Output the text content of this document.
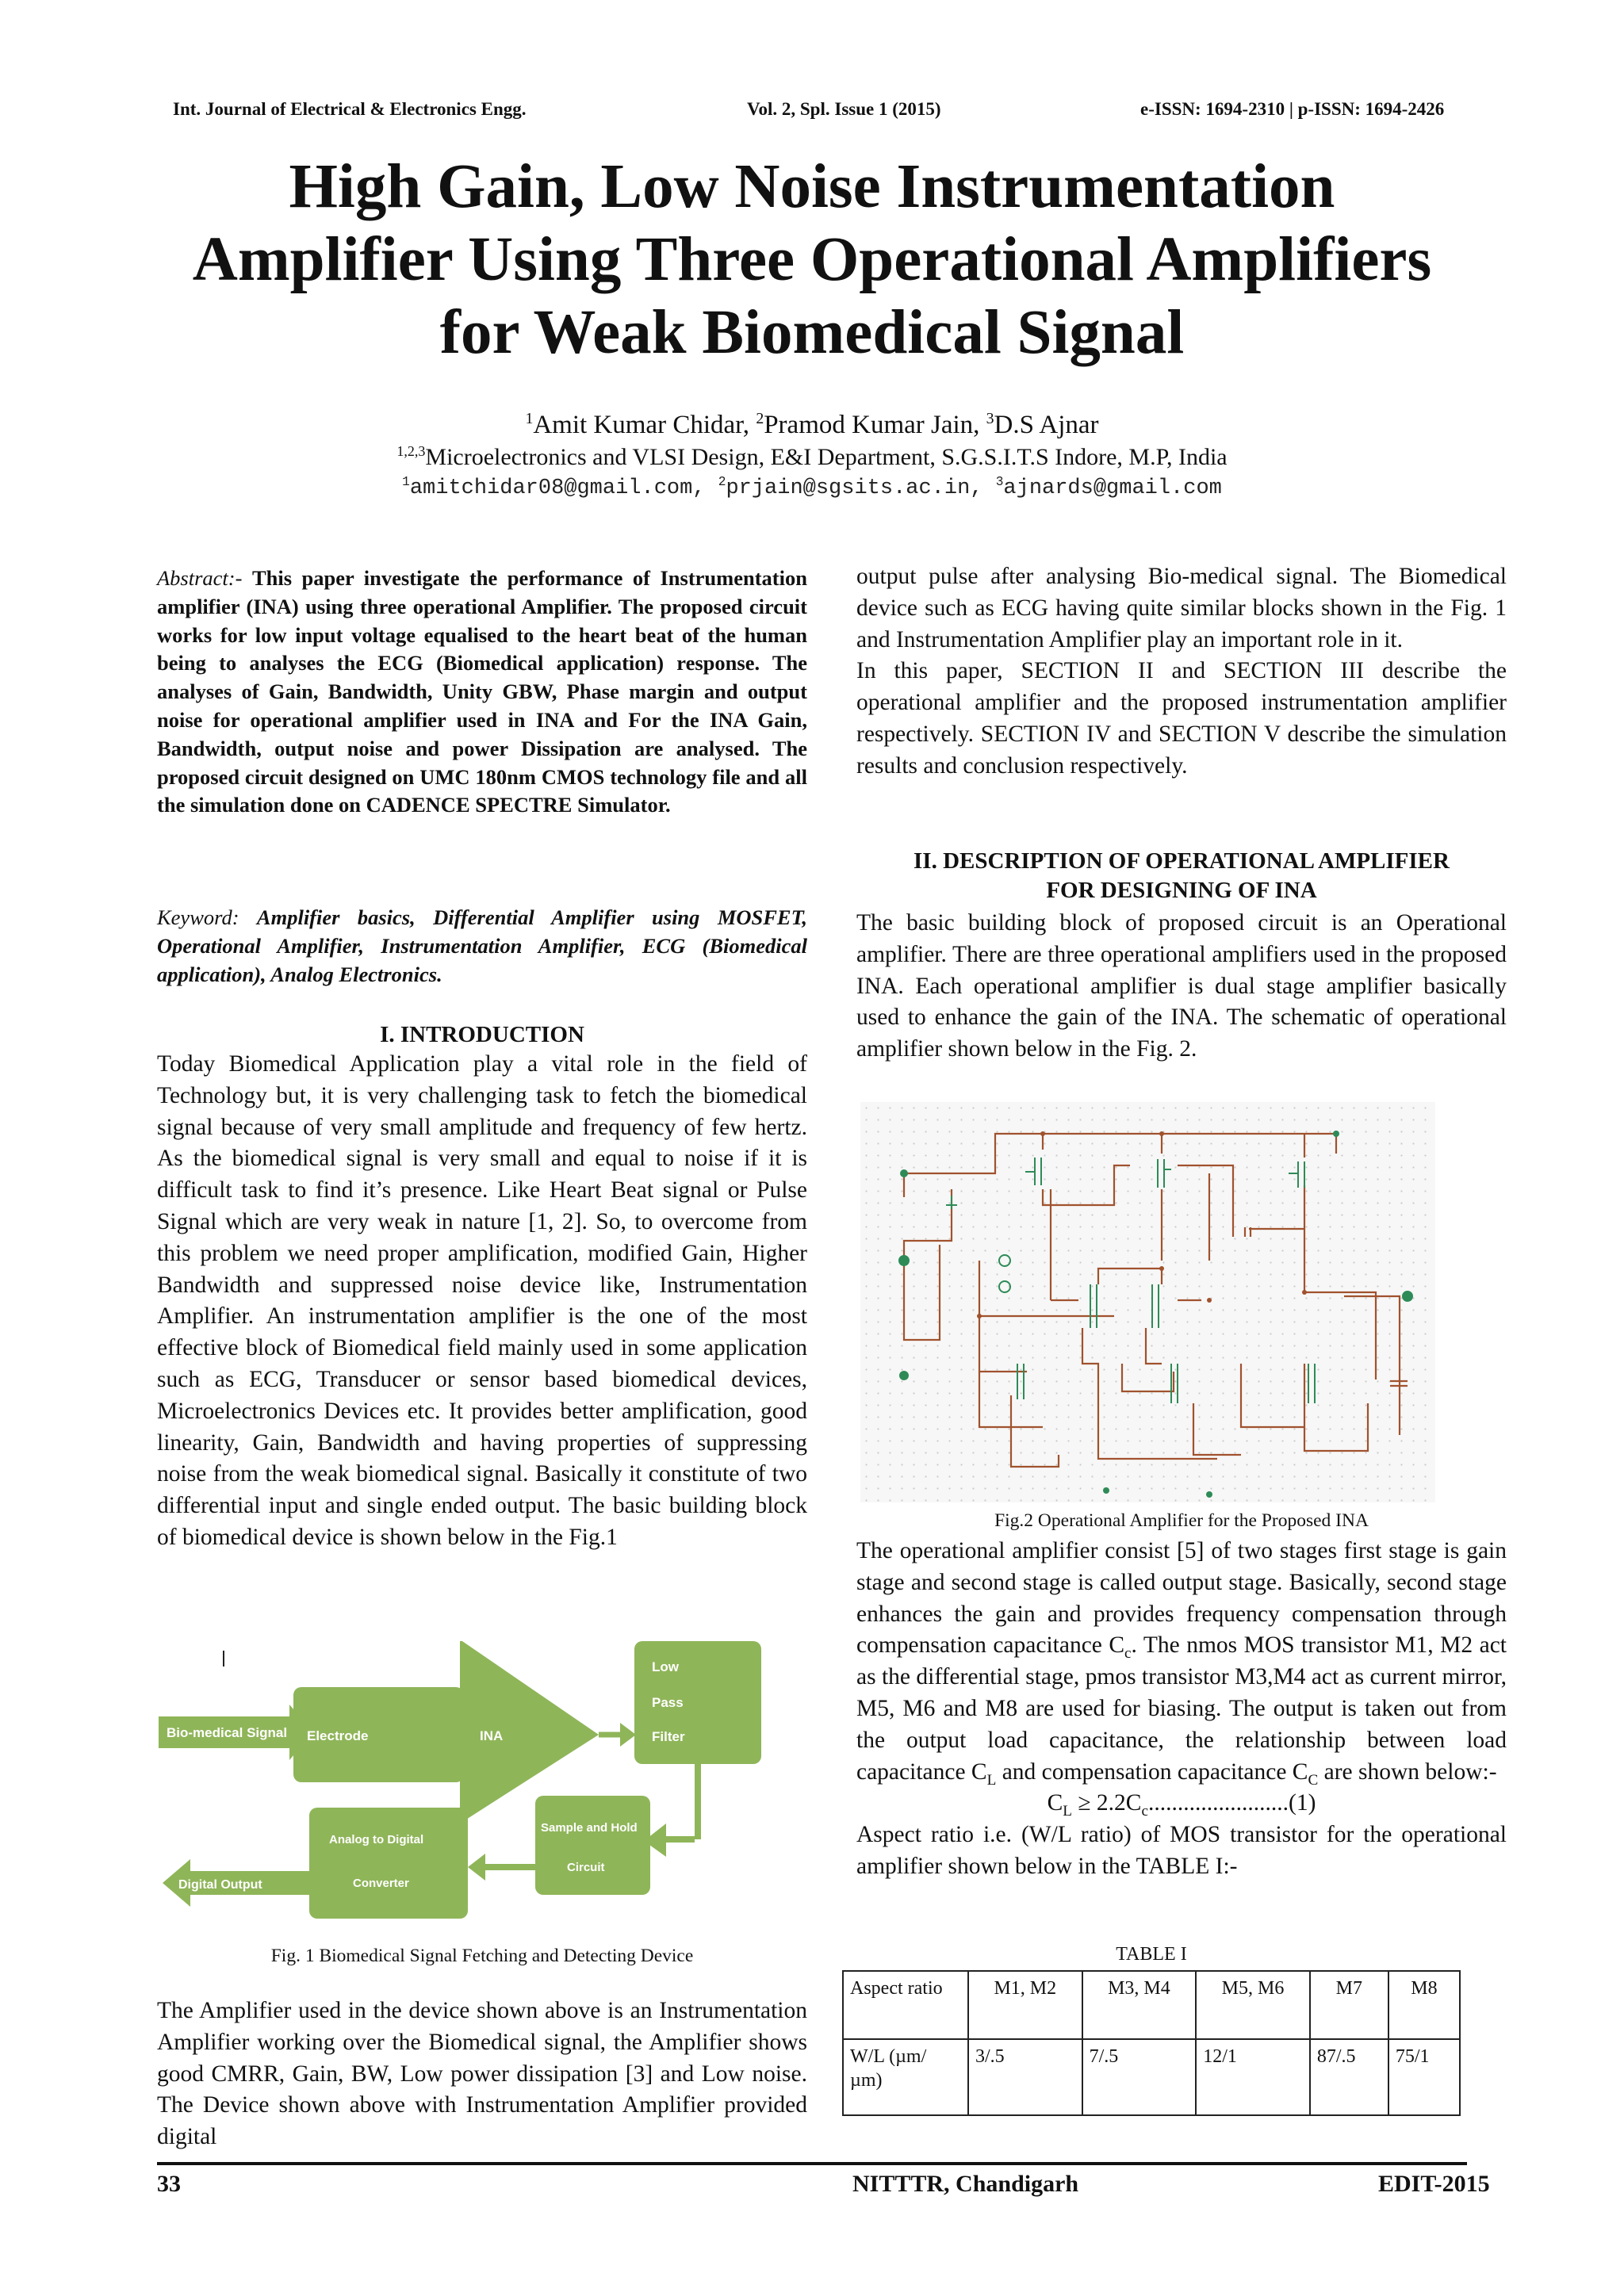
Int. Journal of Electrical & Electronics Engg.	Vol. 2, Spl. Issue 1 (2015)	e-ISSN: 1694-2310 | p-ISSN: 1694-2426
High Gain, Low Noise Instrumentation
Amplifier Using Three Operational Amplifiers
for Weak Biomedical Signal
$^1$Amit Kumar Chidar, $^2$Pramod Kumar Jain, $^3$D.S Ajnar
$^{1,2,3}$Microelectronics and VLSI Design, E&I Department, S.G.S.I.T.S Indore, M.P, India
$^1$amitchidar08@gmail.com, $^2$prjain@sgsits.ac.in, $^3$ajnards@gmail.com
Abstract:- This paper investigate the performance of Instrumentation amplifier (INA) using three operational Amplifier. The proposed circuit works for low input voltage equalised to the heart beat of the human being to analyses the ECG (Biomedical application) response. The analyses of Gain, Bandwidth, Unity GBW, Phase margin and output noise for operational amplifier used in INA and For the INA Gain, Bandwidth, output noise and power Dissipation are analysed. The proposed circuit designed on UMC 180nm CMOS technology file and all the simulation done on CADENCE SPECTRE Simulator.
Keyword: Amplifier basics, Differential Amplifier using MOSFET, Operational Amplifier, Instrumentation Amplifier, ECG (Biomedical application), Analog Electronics.
I. INTRODUCTION

Today Biomedical Application play a vital role in the field of Technology but, it is very challenging task to fetch the biomedical signal because of very small amplitude and frequency of few hertz. As the biomedical signal is very small and equal to noise if it is difficult task to find it’s presence. Like Heart Beat signal or Pulse Signal which are very weak in nature [1, 2]. So, to overcome from this problem we need proper amplification, modified Gain, Higher Bandwidth and suppressed noise device like, Instrumentation Amplifier. An instrumentation amplifier is the one of the most effective block of Biomedical field mainly used in some application such as ECG, Transducer or sensor based biomedical devices, Microelectronics Devices etc. It provides better amplification, good linearity, Gain, Bandwidth and having properties of suppressing noise from the weak biomedical signal. Basically it constitute of two differential input and single ended output. The basic building block of biomedical device is shown below in the Fig.1

Bio-medical Signal Electrode	INA
Low
Pass
Filter
Sample and Hold
Circuit
Analog to Digital
Converter
Digital Output
Fig. 1 Biomedical Signal Fetching and Detecting Device

The Amplifier used in the device shown above is an Instrumentation Amplifier working over the Biomedical signal, the Amplifier shows good CMRR, Gain, BW, Low power dissipation [3] and Low noise. The Device shown above with Instrumentation Amplifier provided digital

output pulse after analysing Bio-medical signal. The Biomedical device such as ECG having quite similar blocks shown in the Fig. 1 and Instrumentation Amplifier play an important role in it.

In this paper, SECTION II and SECTION III describe the operational amplifier and the proposed instrumentation amplifier respectively. SECTION IV and SECTION V describe the simulation results and conclusion respectively.

II. DESCRIPTION OF OPERATIONAL AMPLIFIER
FOR DESIGNING OF INA

The basic building block of proposed circuit is an Operational amplifier. There are three operational amplifiers used in the proposed INA. Each operational amplifier is dual stage amplifier basically used to enhance the gain of the INA. The schematic of operational amplifier shown below in the Fig. 2.

Fig.2 Operational Amplifier for the Proposed INA

The operational amplifier consist [5] of two stages first stage is gain stage and second stage is called output stage. Basically, second stage enhances the gain and provides frequency compensation through compensation capacitance $C_c$. The nmos MOS transistor M1, M2 act as the differential stage, pmos transistor M3,M4 act as current mirror, M5, M6 and M8 are used for biasing. The output is taken out from the output load capacitance, the relationship between load capacitance $C_L$ and compensation capacitance $C_C$ are shown below:-

$C_L \ge 2.2C_c........................(1)$

Aspect ratio i.e. (W/L ratio) of MOS transistor for the operational amplifier shown below in the TABLE I:-

TABLE I
Aspect ratio	M1, M2	M3, M4	M5, M6	M7	M8
W/L (µm/ µm)	3/.5	7/.5	12/1	87/.5	75/1
33	NITTTR, Chandigarh	EDIT-2015
